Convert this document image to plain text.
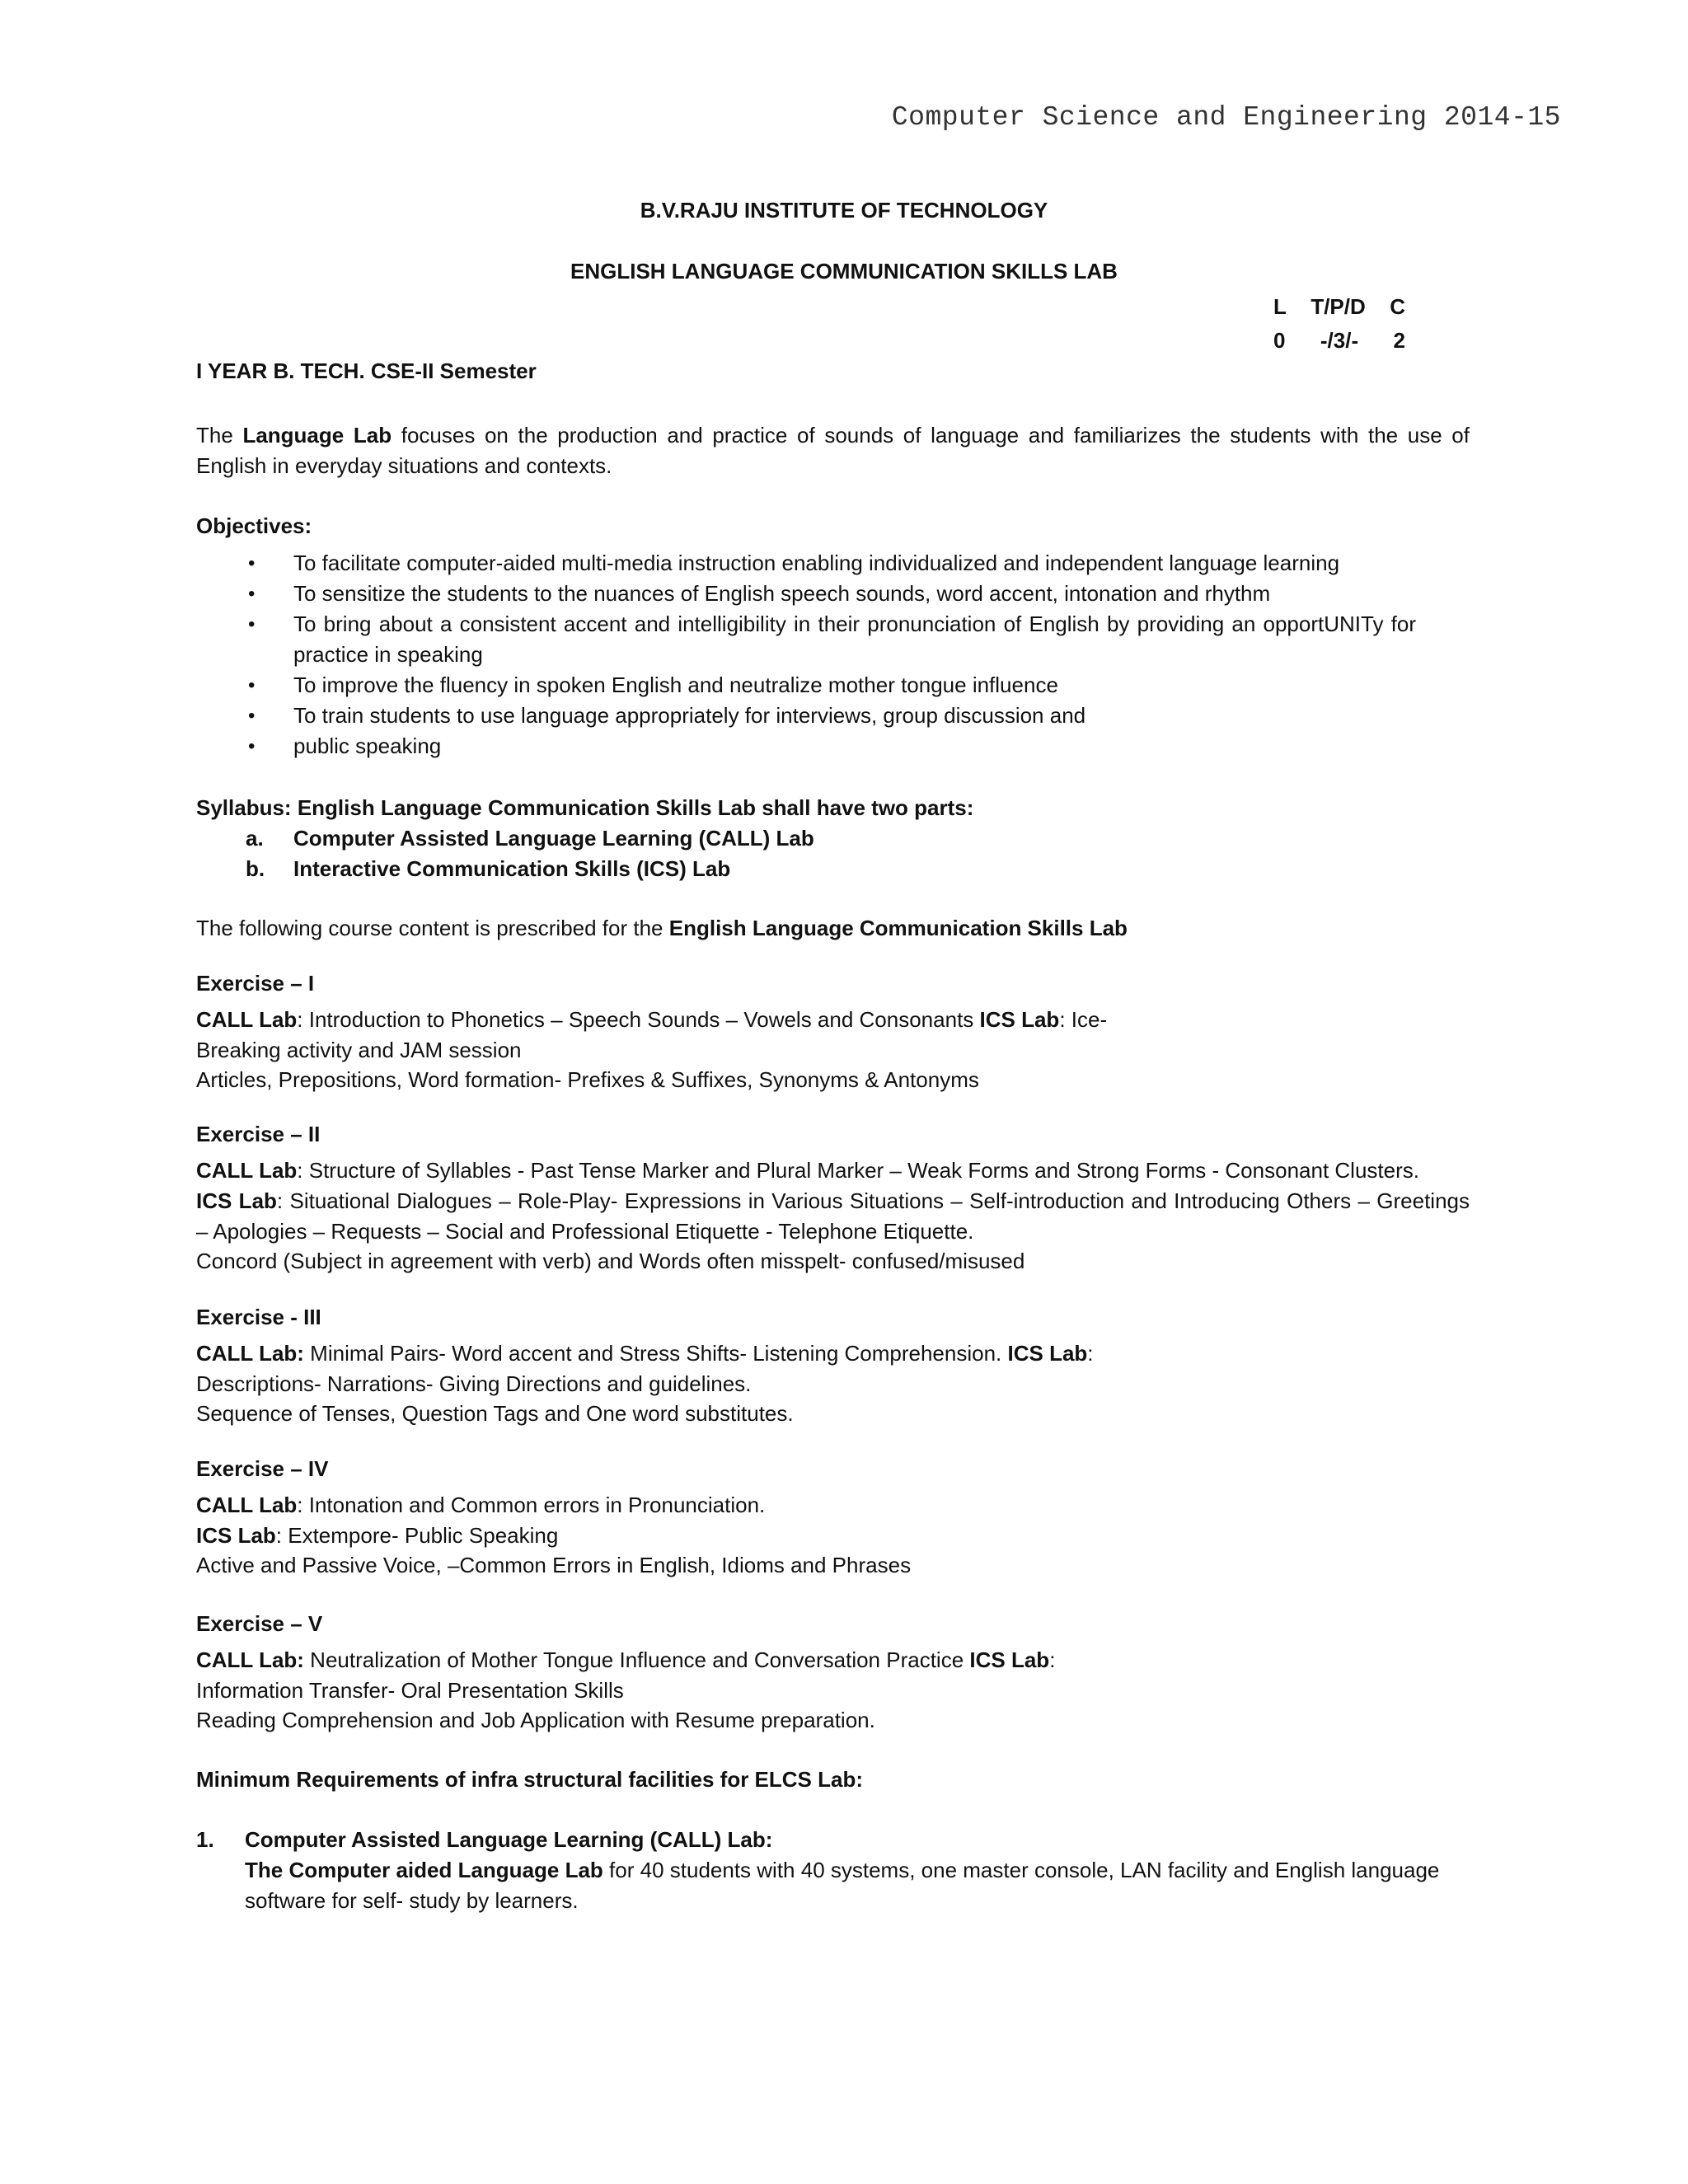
Computer Science and Engineering 2014-15
B.V.RAJU INSTITUTE OF TECHNOLOGY
ENGLISH LANGUAGE COMMUNICATION SKILLS LAB
L T/P/D C
0 -/3/- 2
I YEAR B. TECH. CSE-II Semester
The Language Lab focuses on the production and practice of sounds of language and familiarizes the students with the use of English in everyday situations and contexts.
Objectives:
• To facilitate computer-aided multi-media instruction enabling individualized and independent language learning
• To sensitize the students to the nuances of English speech sounds, word accent, intonation and rhythm
• To bring about a consistent accent and intelligibility in their pronunciation of English by providing an opportUNITy for practice in speaking
• To improve the fluency in spoken English and neutralize mother tongue influence
• To train students to use language appropriately for interviews, group discussion and
• public speaking
Syllabus: English Language Communication Skills Lab shall have two parts:
a. Computer Assisted Language Learning (CALL) Lab
b. Interactive Communication Skills (ICS) Lab
The following course content is prescribed for the English Language Communication Skills Lab
Exercise – I
CALL Lab: Introduction to Phonetics – Speech Sounds – Vowels and Consonants ICS Lab: Ice-
Breaking activity and JAM session
Articles, Prepositions, Word formation- Prefixes & Suffixes, Synonyms & Antonyms
Exercise – II
CALL Lab: Structure of Syllables - Past Tense Marker and Plural Marker – Weak Forms and Strong Forms - Consonant Clusters.
ICS Lab: Situational Dialogues – Role-Play- Expressions in Various Situations – Self-introduction and Introducing Others – Greetings – Apologies – Requests – Social and Professional Etiquette - Telephone Etiquette.
Concord (Subject in agreement with verb) and Words often misspelt- confused/misused
Exercise - III
CALL Lab: Minimal Pairs- Word accent and Stress Shifts- Listening Comprehension. ICS Lab:
Descriptions- Narrations- Giving Directions and guidelines.
Sequence of Tenses, Question Tags and One word substitutes.
Exercise – IV
CALL Lab: Intonation and Common errors in Pronunciation.
ICS Lab: Extempore- Public Speaking
Active and Passive Voice, –Common Errors in English, Idioms and Phrases
Exercise – V
CALL Lab: Neutralization of Mother Tongue Influence and Conversation Practice ICS Lab:
Information Transfer- Oral Presentation Skills
Reading Comprehension and Job Application with Resume preparation.
Minimum Requirements of infra structural facilities for ELCS Lab:
1. Computer Assisted Language Learning (CALL) Lab:
The Computer aided Language Lab for 40 students with 40 systems, one master console, LAN facility and English language software for self- study by learners.
